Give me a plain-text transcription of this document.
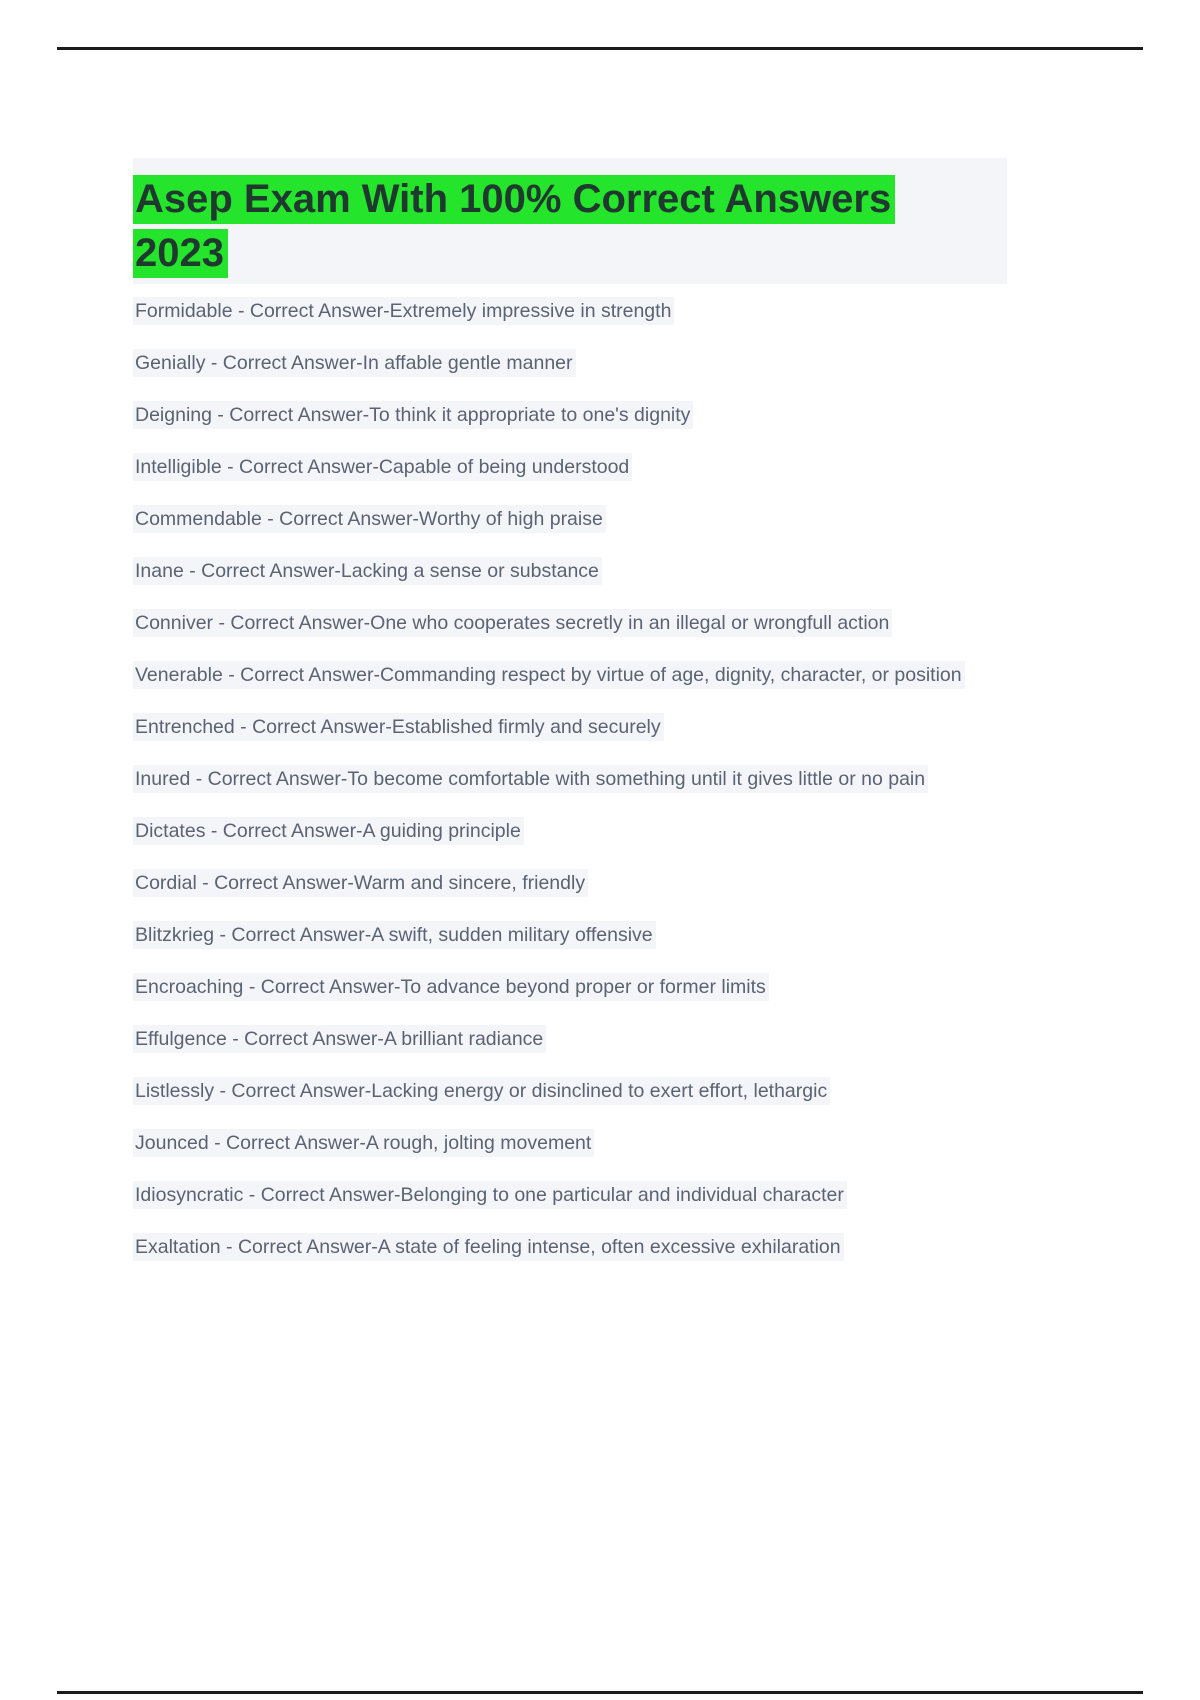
Asep Exam With 100% Correct Answers
2023

Formidable - Correct Answer-Extremely impressive in strength

Genially - Correct Answer-In affable gentle manner

Deigning - Correct Answer-To think it appropriate to one's dignity

Intelligible - Correct Answer-Capable of being understood

Commendable - Correct Answer-Worthy of high praise

Inane - Correct Answer-Lacking a sense or substance

Conniver - Correct Answer-One who cooperates secretly in an illegal or wrongfull action

Venerable - Correct Answer-Commanding respect by virtue of age, dignity, character, or position

Entrenched - Correct Answer-Established firmly and securely

Inured - Correct Answer-To become comfortable with something until it gives little or no pain

Dictates - Correct Answer-A guiding principle

Cordial - Correct Answer-Warm and sincere, friendly

Blitzkrieg - Correct Answer-A swift, sudden military offensive

Encroaching - Correct Answer-To advance beyond proper or former limits

Effulgence - Correct Answer-A brilliant radiance

Listlessly - Correct Answer-Lacking energy or disinclined to exert effort, lethargic

Jounced - Correct Answer-A rough, jolting movement

Idiosyncratic - Correct Answer-Belonging to one particular and individual character

Exaltation - Correct Answer-A state of feeling intense, often excessive exhilaration
